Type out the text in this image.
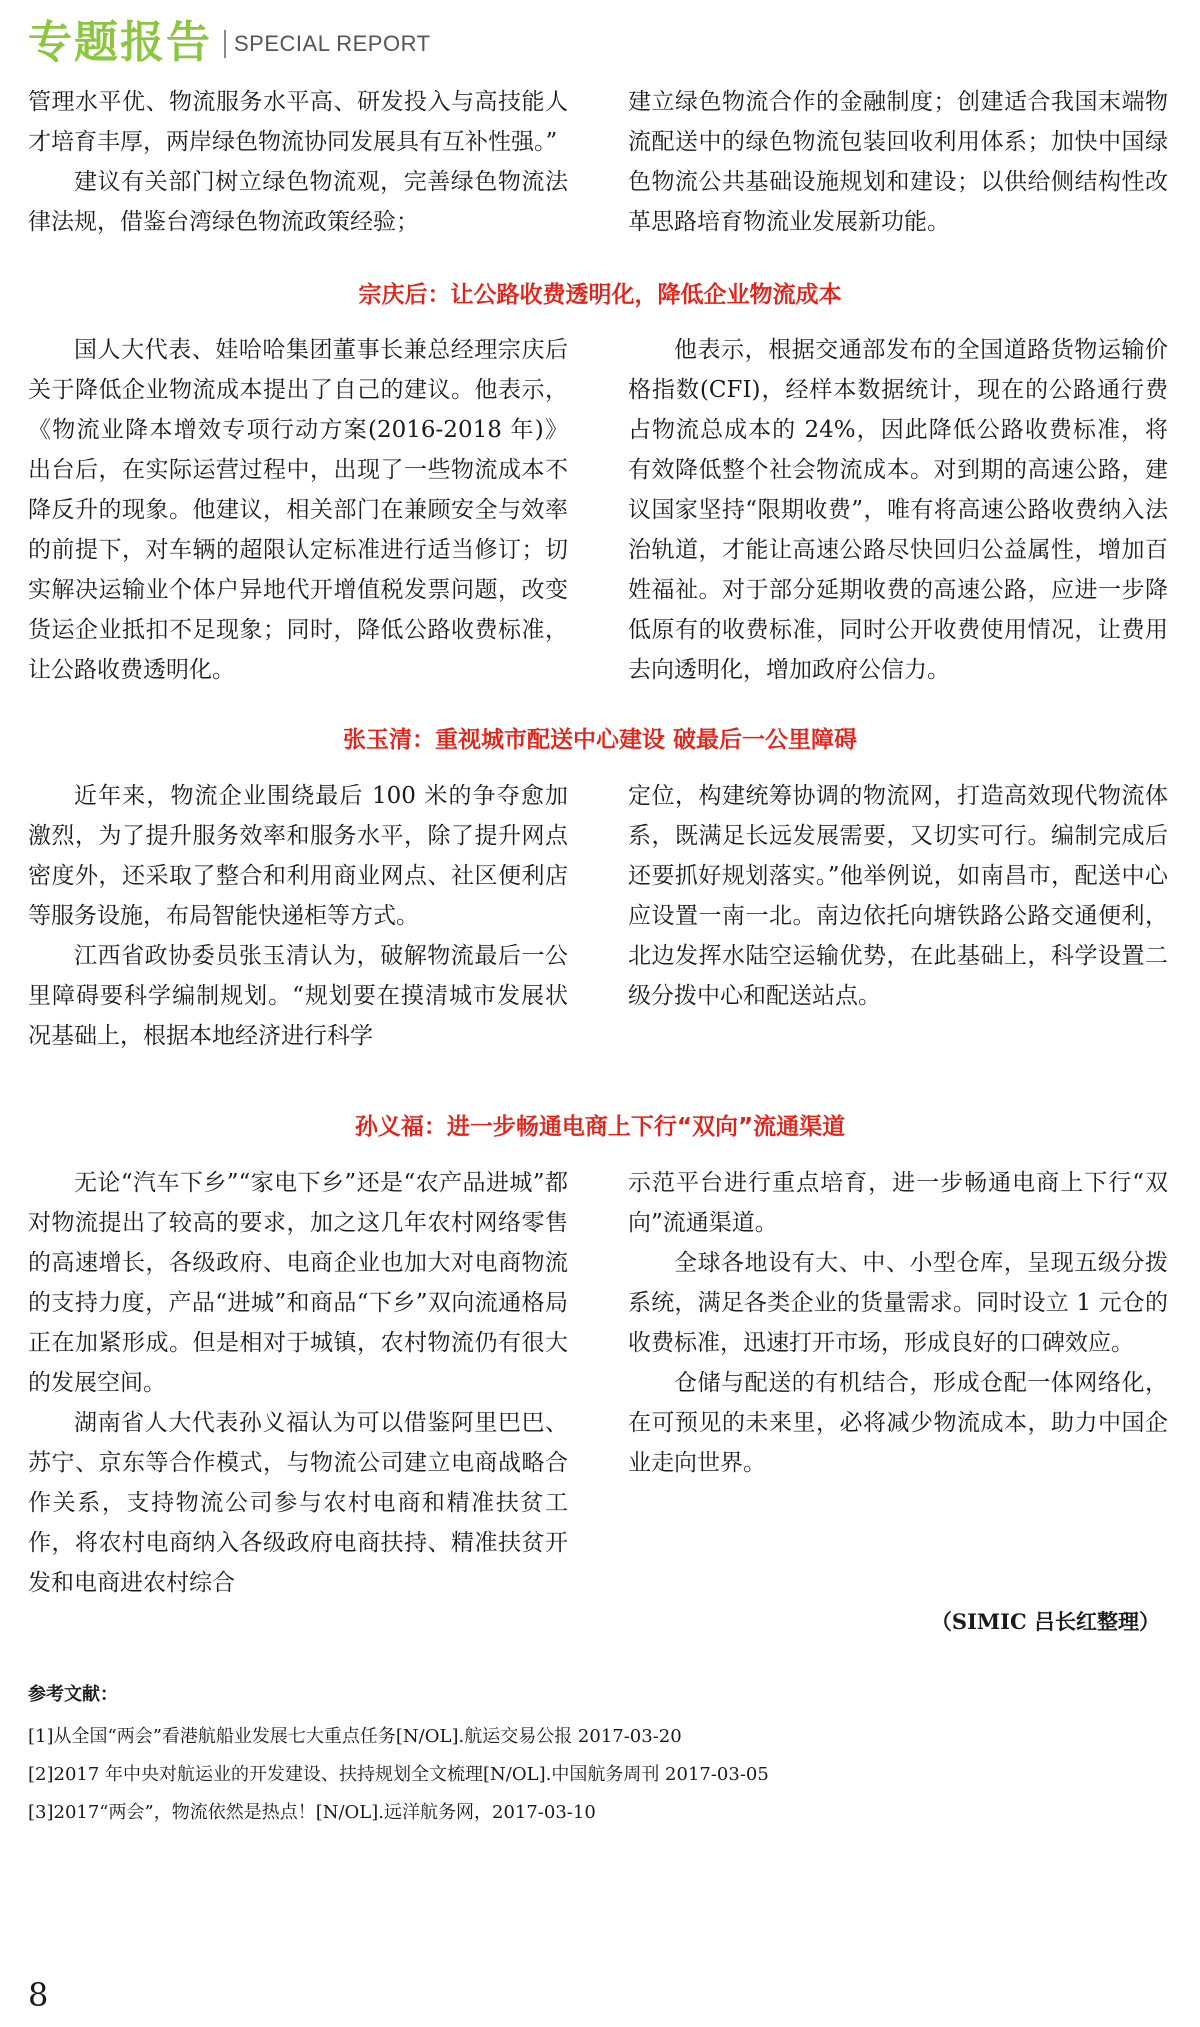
专题报告 SPECIAL REPORT

管理水平优、物流服务水平高、研发投入与高技能人才培育丰厚，两岸绿色物流协同发展具有互补性强。”

建议有关部门树立绿色物流观，完善绿色物流法律法规，借鉴台湾绿色物流政策经验；

建立绿色物流合作的金融制度；创建适合我国末端物流配送中的绿色物流包装回收利用体系；加快中国绿色物流公共基础设施规划和建设；以供给侧结构性改革思路培育物流业发展新功能。

宗庆后：让公路收费透明化，降低企业物流成本

国人大代表、娃哈哈集团董事长兼总经理宗庆后关于降低企业物流成本提出了自己的建议。他表示，《物流业降本增效专项行动方案(2016-2018 年)》出台后，在实际运营过程中，出现了一些物流成本不降反升的现象。他建议，相关部门在兼顾安全与效率的前提下，对车辆的超限认定标准进行适当修订；切实解决运输业个体户异地代开增值税发票问题，改变货运企业抵扣不足现象；同时，降低公路收费标准，让公路收费透明化。

他表示，根据交通部发布的全国道路货物运输价格指数(CFI)，经样本数据统计，现在的公路通行费占物流总成本的 24%，因此降低公路收费标准，将有效降低整个社会物流成本。对到期的高速公路，建议国家坚持“限期收费”，唯有将高速公路收费纳入法治轨道，才能让高速公路尽快回归公益属性，增加百姓福祉。对于部分延期收费的高速公路，应进一步降低原有的收费标准，同时公开收费使用情况，让费用去向透明化，增加政府公信力。

张玉清：重视城市配送中心建设 破最后一公里障碍

近年来，物流企业围绕最后 100 米的争夺愈加激烈，为了提升服务效率和服务水平，除了提升网点密度外，还采取了整合和利用商业网点、社区便利店等服务设施，布局智能快递柜等方式。

江西省政协委员张玉清认为，破解物流最后一公里障碍要科学编制规划。“规划要在摸清城市发展状况基础上，根据本地经济进行科学

定位，构建统筹协调的物流网，打造高效现代物流体系，既满足长远发展需要，又切实可行。编制完成后还要抓好规划落实。”他举例说，如南昌市，配送中心应设置一南一北。南边依托向塘铁路公路交通便利，北边发挥水陆空运输优势，在此基础上，科学设置二级分拨中心和配送站点。

孙义福：进一步畅通电商上下行“双向”流通渠道

无论“汽车下乡”“家电下乡”还是“农产品进城”都对物流提出了较高的要求，加之这几年农村网络零售的高速增长，各级政府、电商企业也加大对电商物流的支持力度，产品“进城”和商品“下乡”双向流通格局正在加紧形成。但是相对于城镇，农村物流仍有很大的发展空间。

湖南省人大代表孙义福认为可以借鉴阿里巴巴、苏宁、京东等合作模式，与物流公司建立电商战略合作关系，支持物流公司参与农村电商和精准扶贫工作，将农村电商纳入各级政府电商扶持、精准扶贫开发和电商进农村综合

示范平台进行重点培育，进一步畅通电商上下行“双向”流通渠道。

全球各地设有大、中、小型仓库，呈现五级分拨系统，满足各类企业的货量需求。同时设立 1 元仓的收费标准，迅速打开市场，形成良好的口碑效应。

仓储与配送的有机结合，形成仓配一体网络化，在可预见的未来里，必将减少物流成本，助力中国企业走向世界。

（SIMIC 吕长红整理）

参考文献：

[1]从全国“两会”看港航船业发展七大重点任务[N/OL].航运交易公报 2017-03-20

[2]2017 年中央对航运业的开发建设、扶持规划全文梳理[N/OL].中国航务周刊 2017-03-05

[3]2017“两会”，物流依然是热点！[N/OL].远洋航务网，2017-03-10

8
